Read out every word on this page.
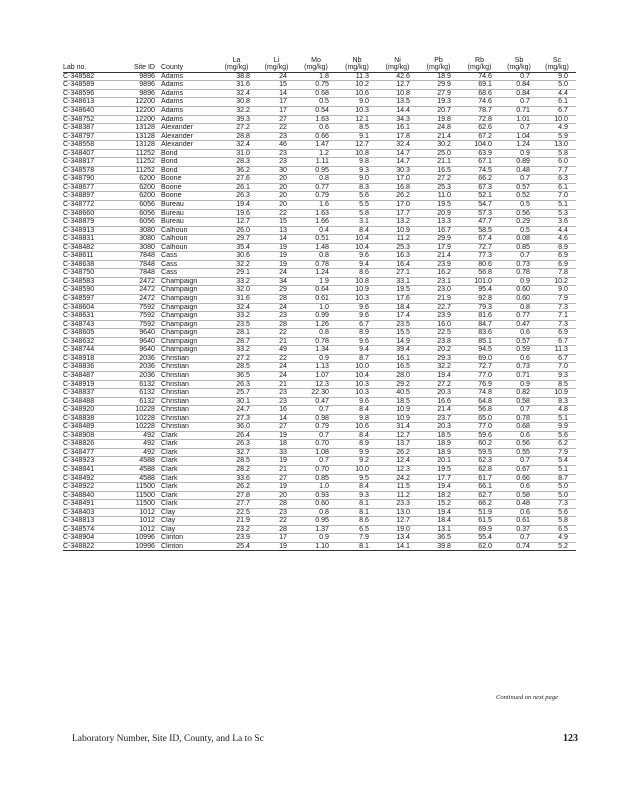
			La	Li	Mo	Nb	Ni	Pb	Rb	Sb	Sc
Lab no.	Site ID	County	(mg/kg)	(mg/kg)	(mg/kg)	(mg/kg)	(mg/kg)	(mg/kg)	(mg/kg)	(mg/kg)	(mg/kg)
C-348582	9896	Adams	38.8	24	1.8	11.3	42.6	18.9	74.6	0.7	9.0
C-348589	9896	Adams	31.6	15	0.75	10.2	12.7	29.9	69.1	0.84	5.0
C-348596	9896	Adams	32.4	14	0.68	10.6	10.8	27.9	68.6	0.84	4.4
C-348613	12200	Adams	30.8	17	0.5	9.0	13.5	19.3	74.6	0.7	6.1
C-348640	12200	Adams	32.2	17	0.54	10.3	14.4	20.7	78.7	0.71	6.7
C-348752	12200	Adams	39.3	27	1.63	12.1	34.3	19.8	72.8	1.01	10.0
C-348387	13128	Alexander	27.2	22	0.6	8.5	16.1	24.8	62.6	0.7	4.9
C-348797	13128	Alexander	28.8	23	0.66	9.1	17.8	21.4	67.2	1.04	5.9
C-348558	13128	Alexander	32.4	46	1.47	12.7	32.4	30.2	104.0	1.24	13.0
C-348407	11252	Bond	31.0	23	1.2	10.8	14.7	25.0	63.9	0.9	5.8
C-348817	11252	Bond	28.3	23	1.11	9.8	14.7	21.1	67.1	0.89	6.0
C-348578	11252	Bond	36.2	30	0.95	9.3	30.3	16.5	74.5	0.48	7.7
C-348790	6200	Boone	27.6	20	0.8	9.0	17.0	27.2	66.2	0.7	6.3
C-348677	6200	Boone	26.1	20	0.77	8.3	16.8	25.3	67.3	0.57	6.1
C-348897	6200	Boone	26.3	20	0.79	5.6	26.2	11.0	52.1	0.52	7.0
C-348772	6056	Bureau	19.4	20	1.6	5.5	17.0	19.5	54.7	0.5	5.1
C-348660	6056	Bureau	19.6	22	1.63	5.8	17.7	20.9	57.3	0.56	5.3
C-348879	6056	Bureau	12.7	15	1.66	3.1	13.2	13.3	47.7	0.29	3.6
C-348913	3080	Calhoun	26.0	13	0.4	8.4	10.9	16.7	58.5	0.5	4.4
C-348831	3080	Calhoun	29.7	14	0.51	10.4	11.2	29.9	67.4	0.08	4.6
C-348482	3080	Calhoun	35.4	19	1.48	10.4	25.3	17.9	72.7	0.85	8.9
C-348611	7848	Cass	30.6	19	0.8	9.6	16.3	21.4	77.3	0.7	6.9
C-348638	7848	Cass	32.2	19	0.78	9.4	16.4	23.9	80.6	0.73	6.9
C-348750	7848	Cass	29.1	24	1.24	8.6	27.1	16.2	56.8	0.78	7.8
C-348583	2472	Champaign	33.2	34	1.9	10.8	33.1	23.1	101.0	0.9	10.2
C-348590	2472	Champaign	32.0	29	0.64	10.9	19.5	23.0	95.4	0.60	9.0
C-348597	2472	Champaign	31.6	28	0.61	10.3	17.6	21.9	92.8	0.60	7.9
C-348604	7592	Champaign	32.4	24	1.0	9.6	18.4	22.7	79.3	0.8	7.3
C-348631	7592	Champaign	33.2	23	0.99	9.6	17.4	23.9	81.6	0.77	7.1
C-348743	7592	Champaign	23.5	28	1.26	6.7	23.5	16.0	84.7	0.47	7.3
C-348605	9640	Champaign	28.1	22	0.8	8.9	15.5	22.5	83.6	0.6	6.9
C-348632	9640	Champaign	28.7	21	0.78	9.6	14.9	23.8	85.1	0.57	6.7
C-348744	9640	Champaign	33.2	49	1.34	9.4	39.4	20.2	94.5	0.59	11.3
C-348918	2036	Christian	27.2	22	0.9	8.7	16.1	29.3	69.0	0.6	6.7
C-348836	2036	Christian	28.5	24	1.13	10.0	16.5	32.2	72.7	0.73	7.0
C-348487	2036	Christian	36.5	24	1.07	10.4	28.0	19.4	77.0	0.71	9.3
C-348919	6132	Christian	26.3	21	12.3	10.3	29.2	27.2	76.9	0.9	8.5
C-348837	6132	Christian	25.7	23	22.30	10.3	40.5	20.3	74.8	0.82	10.9
C-348488	6132	Christian	30.1	23	0.47	9.6	18.5	16.6	64.8	0.58	8.3
C-348920	10228	Christian	24.7	16	0.7	8.4	10.9	21.4	56.8	0.7	4.8
C-348838	10228	Christian	27.3	14	0.98	9.8	10.9	23.7	65.0	0.78	5.1
C-348489	10228	Christian	36.0	27	0.79	10.6	31.4	20.3	77.0	0.68	9.9
C-348908	492	Clark	26.4	19	0.7	8.4	12.7	18.5	59.6	0.6	5.6
C-348826	492	Clark	26.3	18	0.70	8.9	13.7	18.9	60.2	0.56	6.2
C-348477	492	Clark	32.7	33	1.08	9.9	26.2	18.9	59.5	0.55	7.9
C-348923	4588	Clark	28.5	19	0.7	9.2	12.4	20.1	62.3	0.7	5.4
C-348841	4588	Clark	28.2	21	0.70	10.0	12.3	19.5	62.8	0.67	5.1
C-348492	4588	Clark	33.6	27	0.85	9.5	24.2	17.7	61.7	0.66	8.7
C-348922	11500	Clark	26.2	19	1.0	8.4	11.5	19.4	66.1	0.6	5.0
C-348840	11500	Clark	27.8	20	0.93	9.3	11.2	18.2	62.7	0.58	5.0
C-348491	11500	Clark	27.7	28	0.60	8.1	23.3	15.2	66.2	0.48	7.3
C-348403	1012	Clay	22.5	23	0.8	8.1	13.0	19.4	51.9	0.6	5.6
C-348813	1012	Clay	21.9	22	0.95	8.6	12.7	18.4	61.5	0.61	5.8
C-348574	1012	Clay	23.2	28	1.37	6.5	19.0	13.1	69.9	0.37	6.5
C-348904	10996	Clinton	23.9	17	0.9	7.9	13.4	36.5	55.4	0.7	4.9
C-348822	10996	Clinton	25.4	19	1.10	8.1	14.1	39.8	62.0	0.74	5.2
Continued on next page
Laboratory Number, Site ID, County, and La to Sc	123
